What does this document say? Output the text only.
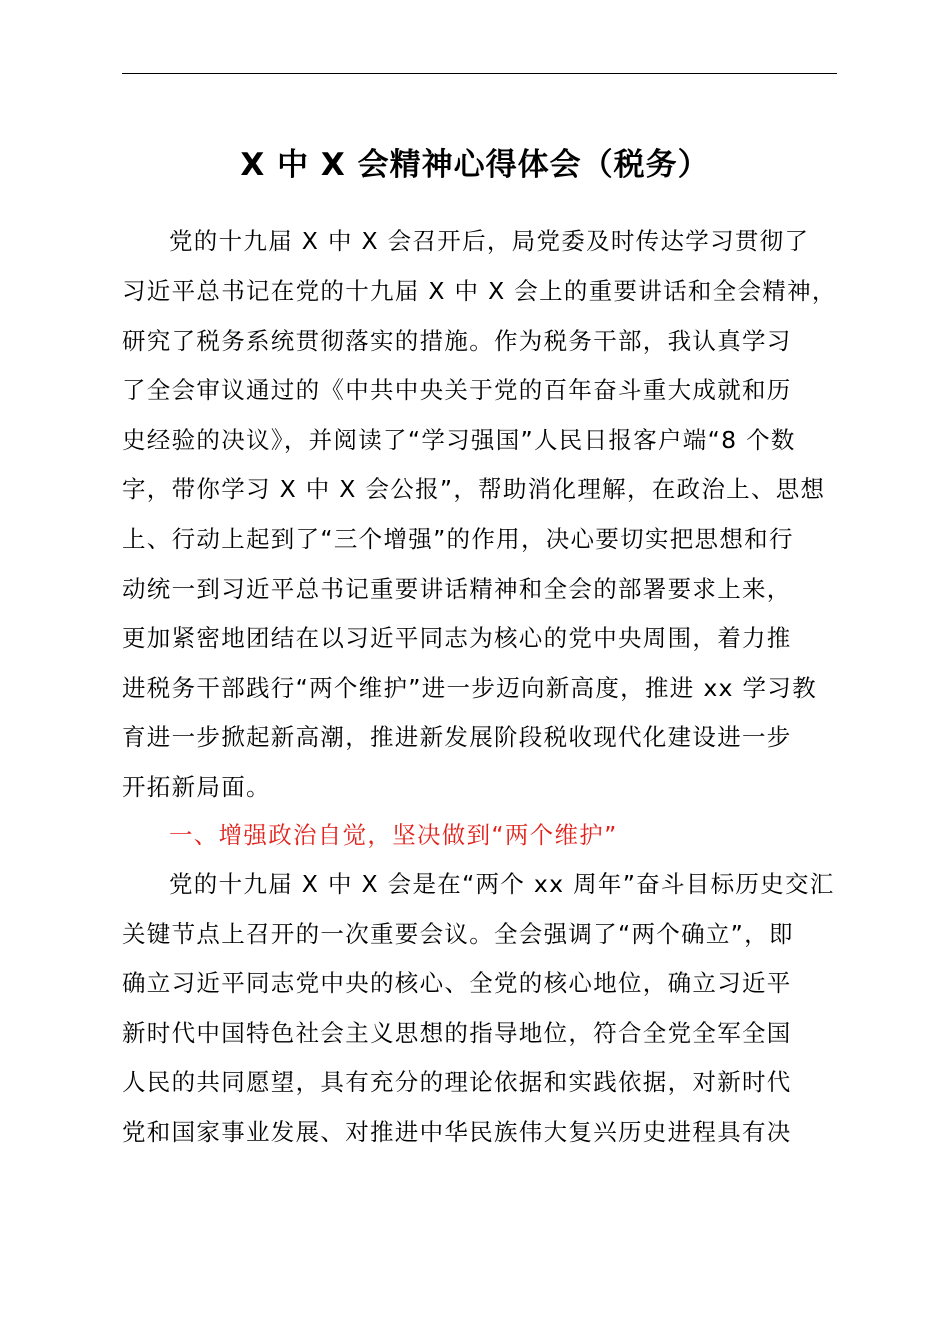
X 中 X 会精神心得体会（税务）
党的十九届 X 中 X 会召开后，局党委及时传达学习贯彻了
习近平总书记在党的十九届 X 中 X 会上的重要讲话和全会精神，
研究了税务系统贯彻落实的措施。作为税务干部，我认真学习
了全会审议通过的《中共中央关于党的百年奋斗重大成就和历
史经验的决议》，并阅读了“学习强国”人民日报客户端“8 个数
字，带你学习 X 中 X 会公报”，帮助消化理解，在政治上、思想
上、行动上起到了“三个增强”的作用，决心要切实把思想和行
动统一到习近平总书记重要讲话精神和全会的部署要求上来，
更加紧密地团结在以习近平同志为核心的党中央周围，着力推
进税务干部践行“两个维护”进一步迈向新高度，推进 xx 学习教
育进一步掀起新高潮，推进新发展阶段税收现代化建设进一步
开拓新局面。
一、增强政治自觉，坚决做到“两个维护”
党的十九届 X 中 X 会是在“两个 xx 周年”奋斗目标历史交汇
关键节点上召开的一次重要会议。全会强调了“两个确立”，即
确立习近平同志党中央的核心、全党的核心地位，确立习近平
新时代中国特色社会主义思想的指导地位，符合全党全军全国
人民的共同愿望，具有充分的理论依据和实践依据，对新时代
党和国家事业发展、对推进中华民族伟大复兴历史进程具有决
